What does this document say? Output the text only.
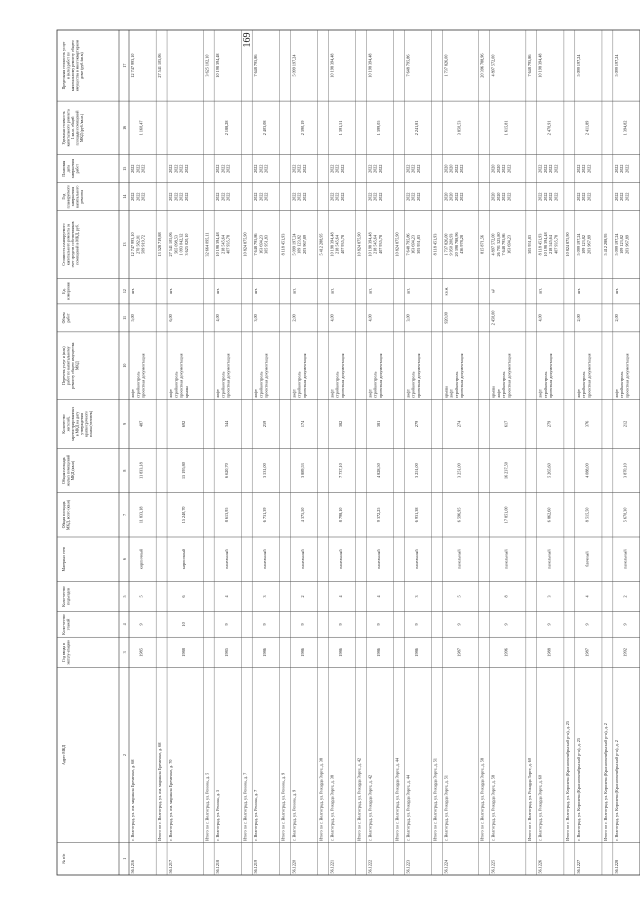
169
№ п/п
Адрес МКД
Год ввода вэксплу-атацию
Коли-чествоэтажей
Коли-чествоподъездов
Материал стен
Общая площадьМКД, всего (кв.м)
Общая площадьжилых помещенийМКД (кв.м)
Количествожителей,зарегистрированныхв МКД на датуутверждениякраткосрочногоплана (человек)
Перечень услуг и (или)работ по капитальномуремонту общего имуществаМКД
Объемработ
Ед.измерения
Стоимость планируемогокапитального ремонта засчет средств собственниковпомещений в МКД, руб.
Годпланируемогозавершениякапитальногоремонта
Плановаядатазавершенияработ
Удельная стоимостькапитального ремонта1 кв.м. общейплощади помещенийМКД (руб./кв.м.)
Предельная стоимость услуги (или) работ покапитальному ремонту общегоимущества в многоквартирномдоме (руб./кв.м)
1
2
3
4
5
6
7
8
9
10
11
12
13
14
15
16
17
56.1216
г. Волгоград, ул. им. маршала Еременко, д. 68
1985
9
5
кирпичный
11 833,18
11 833,18
487
лифт стройконтроль проектная документация
5,00
шт.
12 747 993,10 270 582,01 509 919,72
2022 2022 2022
2022 2022 2022
1 160,47
12 747 993,10
Итого по г. Волгоград, ул. им. маршала Еременко, д. 68
13 528 719,88
27 541 105,06
56.1217
г. Волгоград, ул. им. маршала Еременко, д. 70
1988
10
6
кирпичный
15 240,70
15 195,80
692
лифт стройконтроль проектная документация крыша
6,00
шт.
27 541 105,06 565 098,53 1 093 042,32 3 625 020,10
2022 2022 2022 2022
2022 2022 2022 2022
Итого по г. Волгоград, ул. Ренина, д. 5
32 664 095,11
3 625 102,10
56.1218
г. Волгоград, ул. Ренина, д. 5
1985
9
4
панельный
8 613,95
6 620,70
344
лифт стройконтроль проектная документация
4,00
шт.
10 198 394,48 218 545,64 407 935,78
2022 2022 2022
2022 2022 2022
2 188,28
10 198 394,48
Итого по г. Волгоград, ул. Ренина, д. 7
10 824 875,90
56.1219
г. Волгоград, ул. Ренина, д. 7
1986
9
3
панельный
6 731,39
3 531,00
259
лифт стройконтроль проектная документация
3,00
шт.
7 648 795,86 163 694,23 305 951,83
2022 2022 2022
2022 2022 2022
2 403,08
7 648 795,86
Итого по г. Волгоград, ул. Ренина, д. 9
8 118 451,93
56.1220
г. Волгоград, ул. Ренина, д. 9
1986
9
2
панельный
4 375,50
3 889,53
174
лифт стройконтроль проектная документация
2,00
шт.
5 099 197,24 109 123,82 203 967,89
2022 2022 2022
2022 2022 2022
2 390,19
5 099 197,24
Итого по г. Волгоград, ул. Рихарда Зорге, д. 38
5 412 288,95
56.1221
г. Волгоград, ул. Рихарда Зорге, д. 38
1986
9
4
панельный
8 798,10
7 737,10
382
лифт стройконтроль проектная документация
4,00
шт.
10 198 394,48 218 545,64 407 935,78
2022 2022 2022
2022 2022 2022
1 391,51
10 198 394,48
Итого по г. Волгоград, ул. Рихарда Зорге, д. 42
10 824 875,90
56.1222
г. Волгоград, ул. Рихарда Зорге, д. 42
1986
9
4
панельный
9 372,25
4 828,50
381
лифт стройконтроль проектная документация
4,00
шт.
10 198 394,48 218 545,64 407 935,78
2022 2022 2022
2022 2022 2022
1 399,05
10 198 394,48
Итого по г. Волгоград, ул. Рихарда Зорге, д. 44
10 824 875,90
56.1223
г. Волгоград, ул. Рихарда Зорге, д. 44
1986
9
3
панельный
6 931,38
3 251,00
279
лифт стройконтроль проектная документация
3,00
шт.
7 648 795,86 163 694,23 305 951,83
2022 2022 2022
2022 2022 2022
2 241,81
7 648 795,86
Итого по г. Волгоград, ул. Рихарда Зорге, д. 51
8 118 451,93
56.1224
г. Волгоград, ул. Рихарда Зорге, д. 51
1987
9
5
панельный
6 596,95
3 251,00
274
крыша лифт стройконтроль проектная документация
920,00
кв.м.
1 737 826,00 9 950 200,93 20 398 788,96 436 978,28
2020 2020 2022 2022
2020 2020 2022 2022
3 850,53
1 737 826,00
Итого по г. Волгоград, ул. Рихарда Зорге, д. 58
815 871,56
20 396 788,96
56.1225
г. Волгоград, ул. Рихарда Зорге, д. 58
1996
9
8
панельный
17 851,00
16 237,50
617
крыша лифт стройконтроль проектная документация
2 450,00
м²
4 897 572,00 26 701 325,80 7 648 795,86 163 694,23
2020 2020 2022 2022
2020 2020 2022 2022
1 615,81
4 897 572,00
Итого по г. Волгоград, ул. Рихарда Зорге, д. 60
305 951,83
7 648 795,86
56.1226
г. Волгоград, ул. Рихарда Зорге, д. 60
1988
9
3
панельный
6 862,60
5 265,60
279
лифт стройконтроль проектная документация
4,00
шт.
8 118 451,93 10 198 394,48 218 545,64 407 935,78
2022 2022 2022 2022
2022 2022 2022 2022
2 470,91
10 198 394,48
Итого по г. Волгоград, ул. Королева (Краснооктябрьский р-н), д. 25
10 824 875,90
56.1227
г. Волгоград, ул. Королева (Краснооктябрьский р-н), д. 25
1987
9
4
блочный
8 515,50
4 088,00
376
лифт стройконтроль проектная документация
2,00
шт.
5 099 197,24 109 123,82 203 967,89
2022 2022 2022
2022 2022 2022
2 411,89
5 099 197,24
Итого по г. Волгоград, ул. Королева (Краснооктябрьский р-н), д. 2
5 412 288,95
56.1228
г. Волгоград, ул. Королева (Краснооктябрьский р-н), д. 2
1992
9
2
панельный
5 670,30
3 870,10
212
лифт стройконтроль проектная документация
2,00
шт.
5 099 197,24 109 123,82 203 967,89
2022 2022 2022
2022 2022 2022
1 394,82
5 099 197,24
